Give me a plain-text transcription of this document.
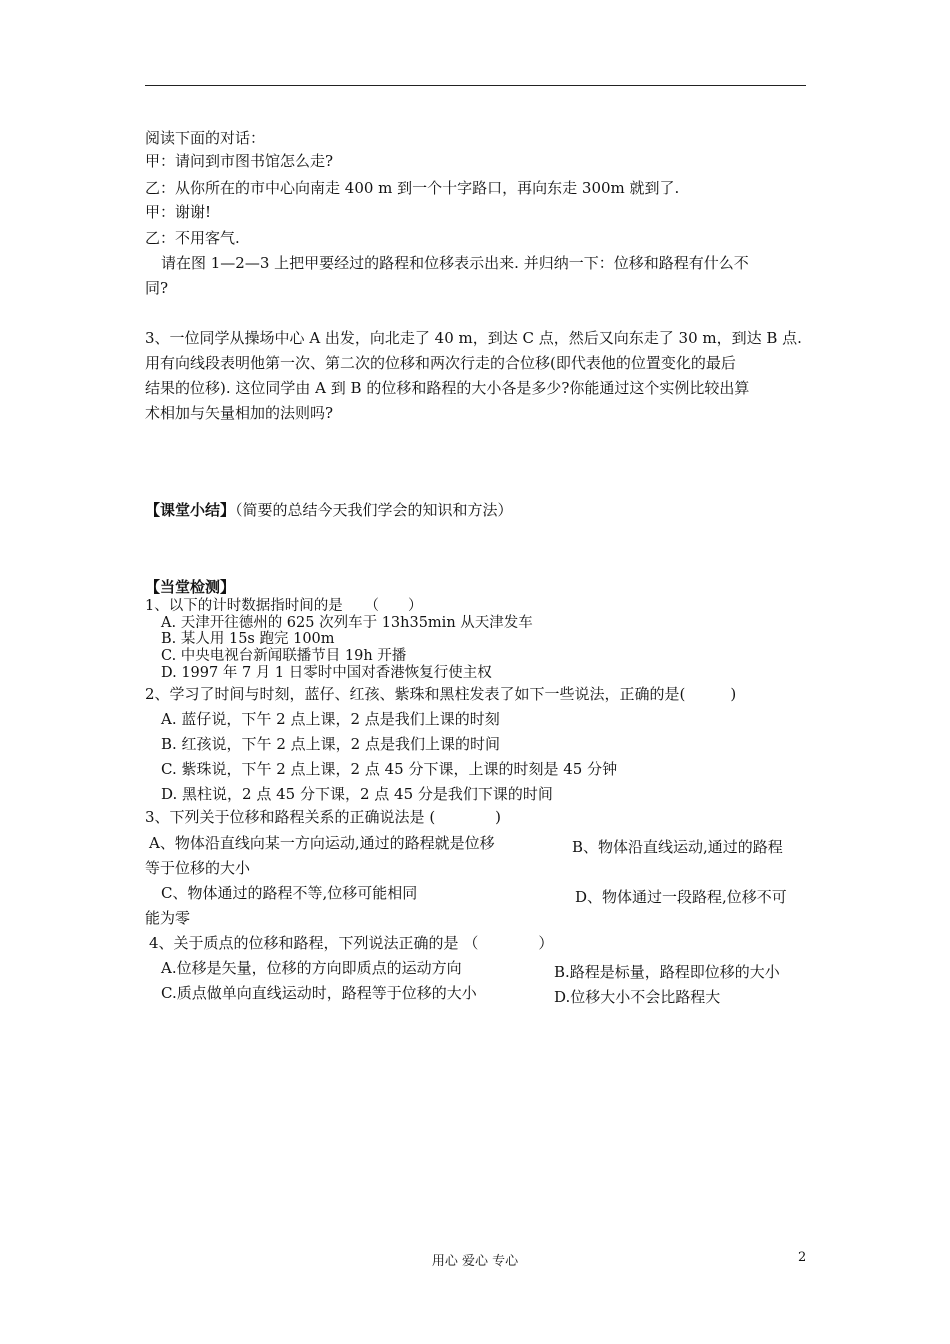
阅读下面的对话：
甲：请问到市图书馆怎么走?
乙：从你所在的市中心向南走 400 m 到一个十字路口，再向东走 300m 就到了.
甲：谢谢!
乙：不用客气.
请在图 1—2—3 上把甲要经过的路程和位移表示出来. 并归纳一下：位移和路程有什么不
同?
3、一位同学从操场中心 A 出发，向北走了 40 m，到达 C 点，然后又向东走了 30 m，到达 B 点.
用有向线段表明他第一次、第二次的位移和两次行走的合位移(即代表他的位置变化的最后
结果的位移). 这位同学由 A 到 B 的位移和路程的大小各是多少?你能通过这个实例比较出算
术相加与矢量相加的法则吗?
【课堂小结】（简要的总结今天我们学会的知识和方法）
【当堂检测】
1、以下的计时数据指时间的是　　（　　）
A. 天津开往德州的 625 次列车于 13h35min 从天津发车
B. 某人用 15s 跑完 100m
C. 中央电视台新闻联播节目 19h 开播
D. 1997 年 7 月 1 日零时中国对香港恢复行使主权
2、学习了时间与时刻，蓝仔、红孩、紫珠和黑柱发表了如下一些说法，正确的是(　　　)
A. 蓝仔说，下午 2 点上课，2 点是我们上课的时刻
B. 红孩说，下午 2 点上课，2 点是我们上课的时间
C. 紫珠说，下午 2 点上课，2 点 45 分下课，上课的时刻是 45 分钟
D. 黑柱说，2 点 45 分下课，2 点 45 分是我们下课的时间
3、下列关于位移和路程关系的正确说法是 (　　　　)
A、物体沿直线向某一方向运动,通过的路程就是位移	B、物体沿直线运动,通过的路程
等于位移的大小
C、物体通过的路程不等,位移可能相同	D、物体通过一段路程,位移不可
能为零
4、关于质点的位移和路程，下列说法正确的是 （　　　　）
A.位移是矢量，位移的方向即质点的运动方向	B.路程是标量，路程即位移的大小
C.质点做单向直线运动时，路程等于位移的大小	D.位移大小不会比路程大
用心 爱心 专心	2
